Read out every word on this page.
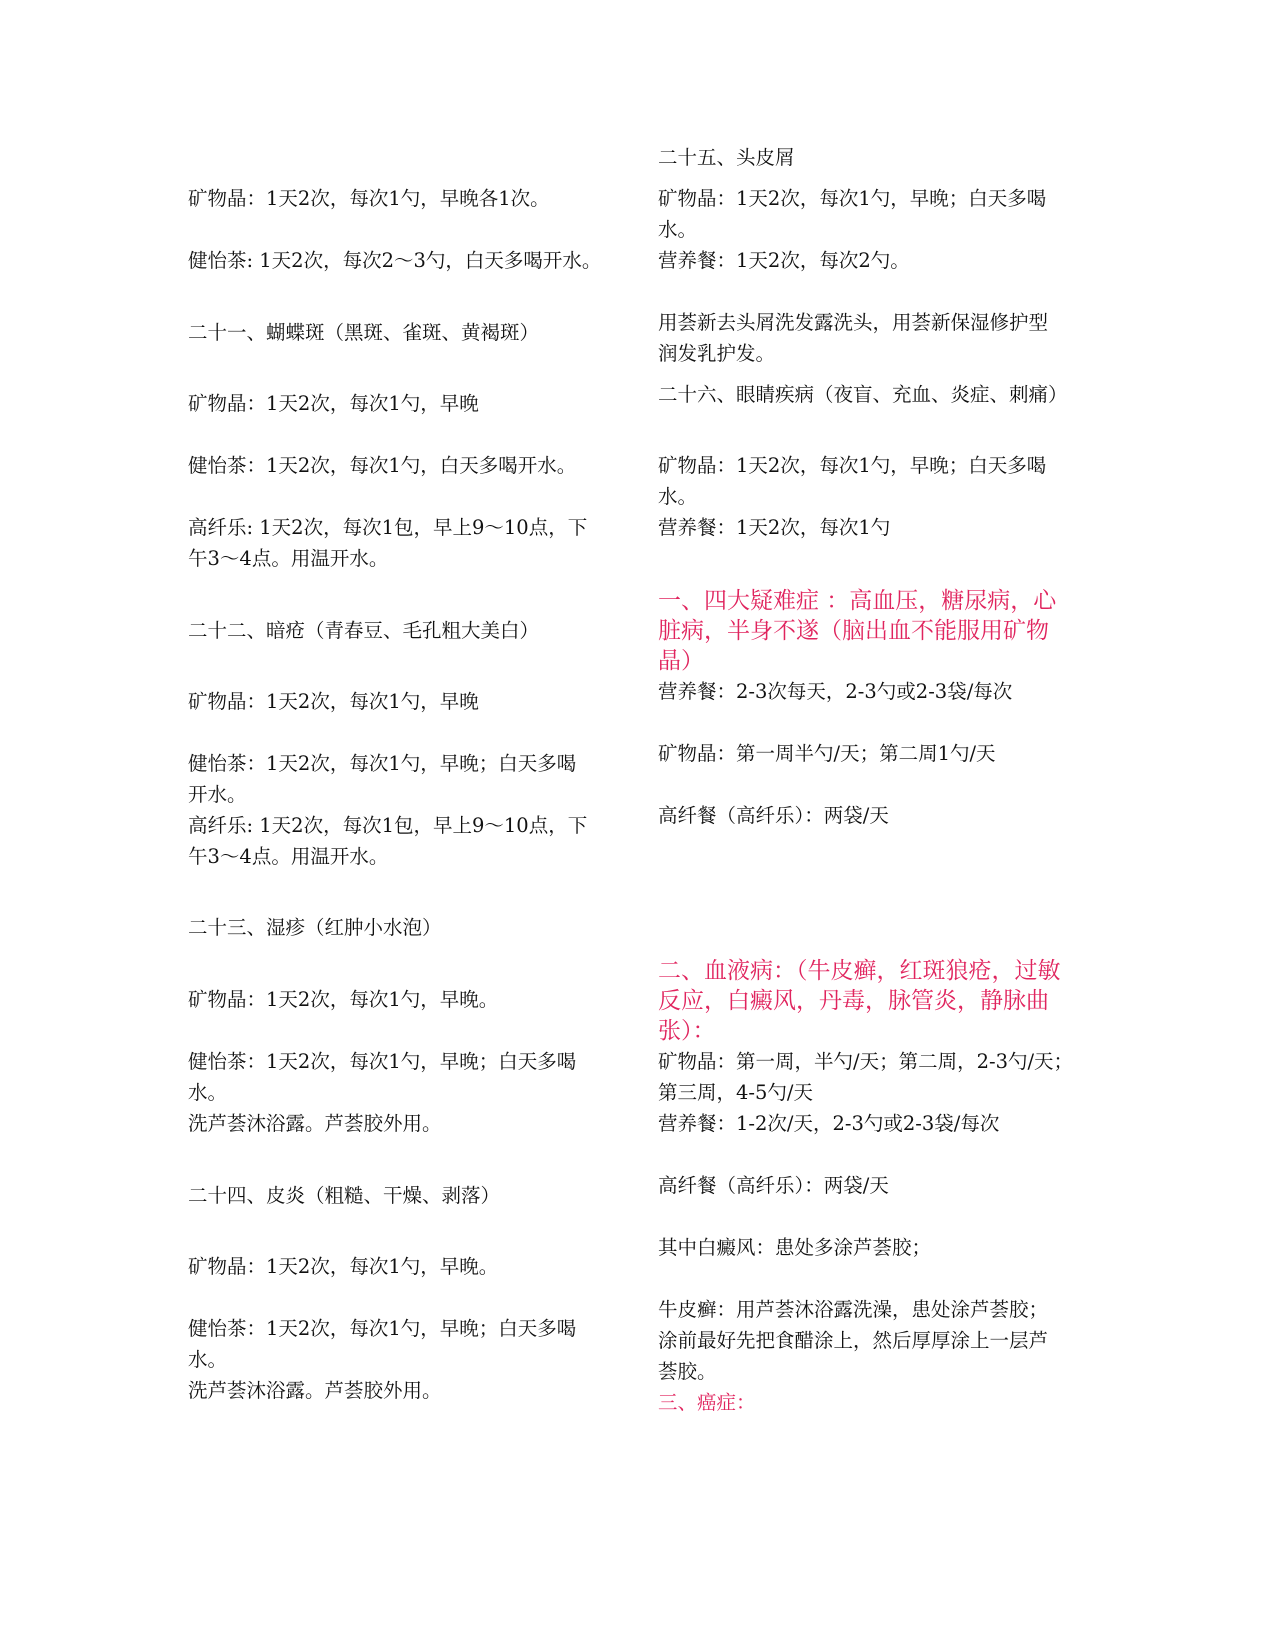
矿物晶：1天2次，每次1勺，早晚各1次。
健怡茶: 1天2次，每次2～3勺，白天多喝开水。
二十一、蝴蝶斑（黑斑、雀斑、黄褐斑）
矿物晶：1天2次，每次1勺，早晚
健怡茶：1天2次，每次1勺，白天多喝开水。
高纤乐: 1天2次，每次1包，早上9～10点，下
午3～4点。用温开水。
二十二、暗疮（青春豆、毛孔粗大美白）
矿物晶：1天2次，每次1勺，早晚
健怡茶：1天2次，每次1勺，早晚；白天多喝
开水。
高纤乐: 1天2次，每次1包，早上9～10点，下
午3～4点。用温开水。
二十三、湿疹（红肿小水泡）
矿物晶：1天2次，每次1勺，早晚。
健怡茶：1天2次，每次1勺，早晚；白天多喝
水。
洗芦荟沐浴露。芦荟胶外用。
二十四、皮炎（粗糙、干燥、剥落）
矿物晶：1天2次，每次1勺，早晚。
健怡茶：1天2次，每次1勺，早晚；白天多喝
水。
洗芦荟沐浴露。芦荟胶外用。
二十五、头皮屑
矿物晶：1天2次，每次1勺，早晚；白天多喝
水。
营养餐：1天2次，每次2勺。
用荟新去头屑洗发露洗头，用荟新保湿修护型
润发乳护发。
二十六、眼睛疾病（夜盲、充血、炎症、刺痛）
矿物晶：1天2次，每次1勺，早晚；白天多喝
水。
营养餐：1天2次，每次1勺
一、四大疑难症 ：高血压，糖尿病，心
脏病，半身不遂（脑出血不能服用矿物
晶）
营养餐：2-3次每天，2-3勺或2-3袋/每次
矿物晶：第一周半勺/天；第二周1勺/天
高纤餐（高纤乐）：两袋/天
二、血液病：（牛皮癣，红斑狼疮，过敏
反应，白癜风，丹毒，脉管炎，静脉曲
张）：
矿物晶：第一周，半勺/天；第二周，2-3勺/天；
第三周，4-5勺/天
营养餐：1-2次/天，2-3勺或2-3袋/每次
高纤餐（高纤乐）：两袋/天
其中白癜风：患处多涂芦荟胶；
牛皮癣：用芦荟沐浴露洗澡，患处涂芦荟胶；
涂前最好先把食醋涂上，然后厚厚涂上一层芦
荟胶。
三、癌症：
